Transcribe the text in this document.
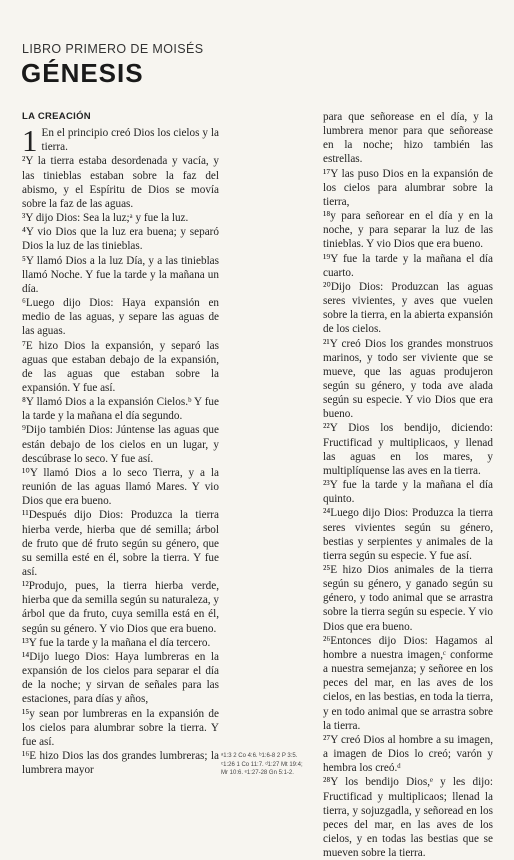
LIBRO PRIMERO DE MOISÉS
GÉNESIS

LA CREACIÓN

1 En el principio creó Dios los cielos y la tierra.

²Y la tierra estaba desordenada y vacía, y las tinieblas estaban sobre la faz del abismo, y el Espíritu de Dios se movía sobre la faz de las aguas.

³Y dijo Dios: Sea la luz;ᵃ y fue la luz.

⁴Y vio Dios que la luz era buena; y separó Dios la luz de las tinieblas.

⁵Y llamó Dios a la luz Día, y a las tinieblas llamó Noche. Y fue la tarde y la mañana un día.

⁶Luego dijo Dios: Haya expansión en medio de las aguas, y separe las aguas de las aguas.

⁷E hizo Dios la expansión, y separó las aguas que estaban debajo de la expansión, de las aguas que estaban sobre la expansión. Y fue así.

⁸Y llamó Dios a la expansión Cielos.ᵇ Y fue la tarde y la mañana el día segundo.

⁹Dijo también Dios: Júntense las aguas que están debajo de los cielos en un lugar, y descúbrase lo seco. Y fue así.

¹⁰Y llamó Dios a lo seco Tierra, y a la reunión de las aguas llamó Mares. Y vio Dios que era bueno.

¹¹Después dijo Dios: Produzca la tierra hierba verde, hierba que dé semilla; árbol de fruto que dé fruto según su género, que su semilla esté en él, sobre la tierra. Y fue así.

¹²Produjo, pues, la tierra hierba verde, hierba que da semilla según su naturaleza, y árbol que da fruto, cuya semilla está en él, según su género. Y vio Dios que era bueno.

¹³Y fue la tarde y la mañana el día tercero.

¹⁴Dijo luego Dios: Haya lumbreras en la expansión de los cielos para separar el día de la noche; y sirvan de señales para las estaciones, para días y años,

¹⁵y sean por lumbreras en la expansión de los cielos para alumbrar sobre la tierra. Y fue así.

¹⁶E hizo Dios las dos grandes lumbreras; la lumbrera mayor

para que señorease en el día, y la lumbrera menor para que señorease en la noche; hizo también las estrellas.

¹⁷Y las puso Dios en la expansión de los cielos para alumbrar sobre la tierra,

¹⁸y para señorear en el día y en la noche, y para separar la luz de las tinieblas. Y vio Dios que era bueno.

¹⁹Y fue la tarde y la mañana el día cuarto.

²⁰Dijo Dios: Produzcan las aguas seres vivientes, y aves que vuelen sobre la tierra, en la abierta expansión de los cielos.

²¹Y creó Dios los grandes monstruos marinos, y todo ser viviente que se mueve, que las aguas produjeron según su género, y toda ave alada según su especie. Y vio Dios que era bueno.

²²Y Dios los bendijo, diciendo: Fructificad y multiplicaos, y llenad las aguas en los mares, y multiplíquense las aves en la tierra.

²³Y fue la tarde y la mañana el día quinto.

²⁴Luego dijo Dios: Produzca la tierra seres vivientes según su género, bestias y serpientes y animales de la tierra según su especie. Y fue así.

²⁵E hizo Dios animales de la tierra según su género, y ganado según su género, y todo animal que se arrastra sobre la tierra según su especie. Y vio Dios que era bueno.

²⁶Entonces dijo Dios: Hagamos al hombre a nuestra imagen,ᶜ conforme a nuestra semejanza; y señoree en los peces del mar, en las aves de los cielos, en las bestias, en toda la tierra, y en todo animal que se arrastra sobre la tierra.

²⁷Y creó Dios al hombre a su imagen, a imagen de Dios lo creó; varón y hembra los creó.ᵈ

²⁸Y los bendijo Dios,ᵉ y les dijo: Fructificad y multiplicaos; llenad la tierra, y sojuzgadla, y señoread en los peces del mar, en las aves de los cielos, y en todas las bestias que se mueven sobre la tierra.

ᵃ1:3 2 Co 4:6. ᵇ1:6-8 2 P 3:5.
ᶜ1:26 1 Co 11:7. ᵈ1:27 Mt 19:4;
Mr 10:6. ᵉ1:27-28 Gn 5:1-2.
